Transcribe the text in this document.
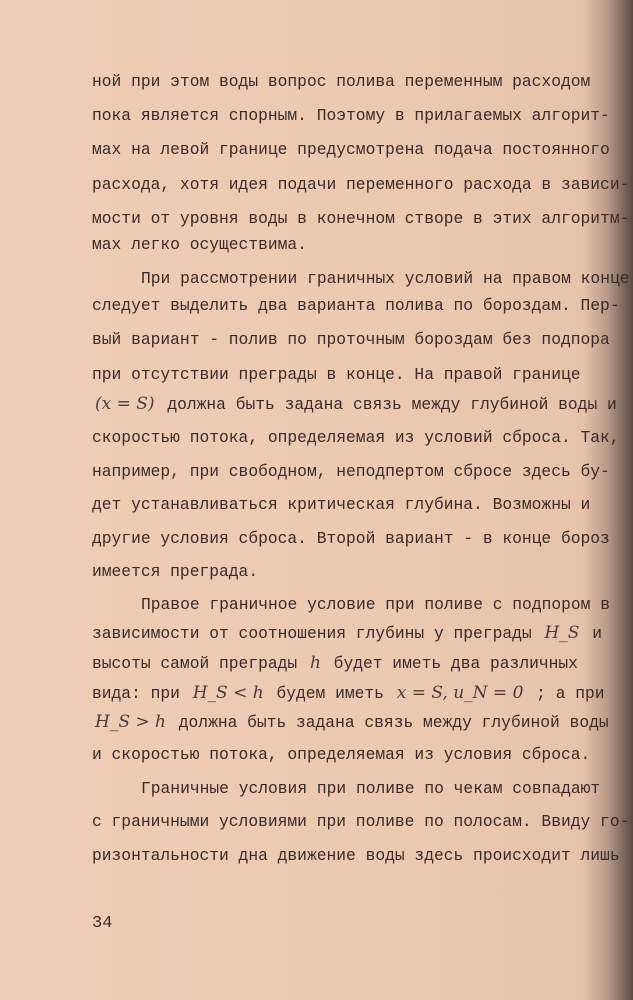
34
ной при этом воды вопрос полива переменным расходом
пока является спорным. Поэтому в прилагаемых алгорит-
мах на левой границе предусмотрена подача постоянного
расхода, хотя идея подачи переменного расхода в зависи-
мости от уровня воды в конечном створе в этих алгоритм-
мах легко осуществима.
При рассмотрении граничных условий на правом конце
следует выделить два варианта полива по бороздам. Пер-
вый вариант - полив по проточным бороздам без подпора
при отсутствии преграды в конце. На правой границе
(x = S) должна быть задана связь между глубиной воды и
скоростью потока, определяемая из условий сброса. Так,
например, при свободном, неподпертом сбросе здесь бу-
дет устанавливаться критическая глубина. Возможны и
другие условия сброса. Второй вариант - в конце бороз
имеется преграда.
Правое граничное условие при поливе с подпором в
зависимости от соотношения глубины у преграды H_S и
высоты самой преграды h будет иметь два различных
вида: при H_S < h будем иметь x = S, u_N = 0 ; а при
H_S > h должна быть задана связь между глубиной воды
и скоростью потока, определяемая из условия сброса.
Граничные условия при поливе по чекам совпадают
с граничными условиями при поливе по полосам. Ввиду го-
ризонтальности дна движение воды здесь происходит лишь
